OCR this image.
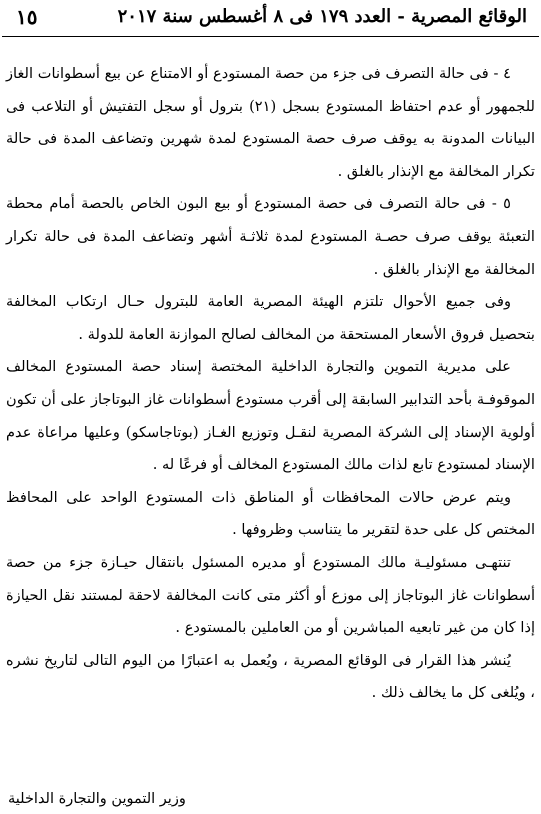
الوقائع المصرية - العدد ١٧٩ فى ٨ أغسطس سنة ٢٠١٧
١٥

٤ - فى حالة التصرف فى جزء من حصة المستودع أو الامتناع عن بيع أسطوانات الغاز للجمهور أو عدم احتفاظ المستودع بسجل (٢١) بترول أو سجل التفتيش أو التلاعب فى البيانات المدونة به يوقف صرف حصة المستودع لمدة شهرين وتضاعف المدة فى حالة تكرار المخالفة مع الإنذار بالغلق .

٥ - فى حالة التصرف فى حصة المستودع أو بيع البون الخاص بالحصة أمام محطة التعبئة يوقف صرف حصـة المستودع لمدة ثلاثـة أشهر وتضاعف المدة فى حالة تكرار المخالفة مع الإنذار بالغلق .

وفى جميع الأحوال تلتزم الهيئة المصرية العامة للبترول حـال ارتكاب المخالفة بتحصيل فروق الأسعار المستحقة من المخالف لصالح الموازنة العامة للدولة .

على مديرية التموين والتجارة الداخلية المختصة إسناد حصة المستودع المخالف الموقوفـة بأحد التدابير السابقة إلى أقرب مستودع أسطوانات غاز البوتاجاز على أن تكون أولوية الإسناد إلى الشركة المصرية لنقـل وتوزيع الغـاز (بوتاجاسكو) وعليها مراعاة عدم الإسناد لمستودع تابع لذات مالك المستودع المخالف أو فرعًا له .

ويتم عرض حالات المحافظات أو المناطق ذات المستودع الواحد على المحافظ المختص كل على حدة لتقرير ما يتناسب وظروفها .

تنتهـى مسئوليـة مالك المستودع أو مديره المسئول بانتقال حيـازة جزء من حصة أسطوانات غاز البوتاجاز إلى موزع أو أكثر متى كانت المخالفة لاحقة لمستند نقل الحيازة إذا كان من غير تابعيه المباشرين أو من العاملين بالمستودع .

يُنشر هذا القرار فى الوقائع المصرية ، ويُعمل به اعتبارًا من اليوم التالى لتاريخ نشره ، ويُلغى كل ما يخالف ذلك .

وزير التموين والتجارة الداخلية
